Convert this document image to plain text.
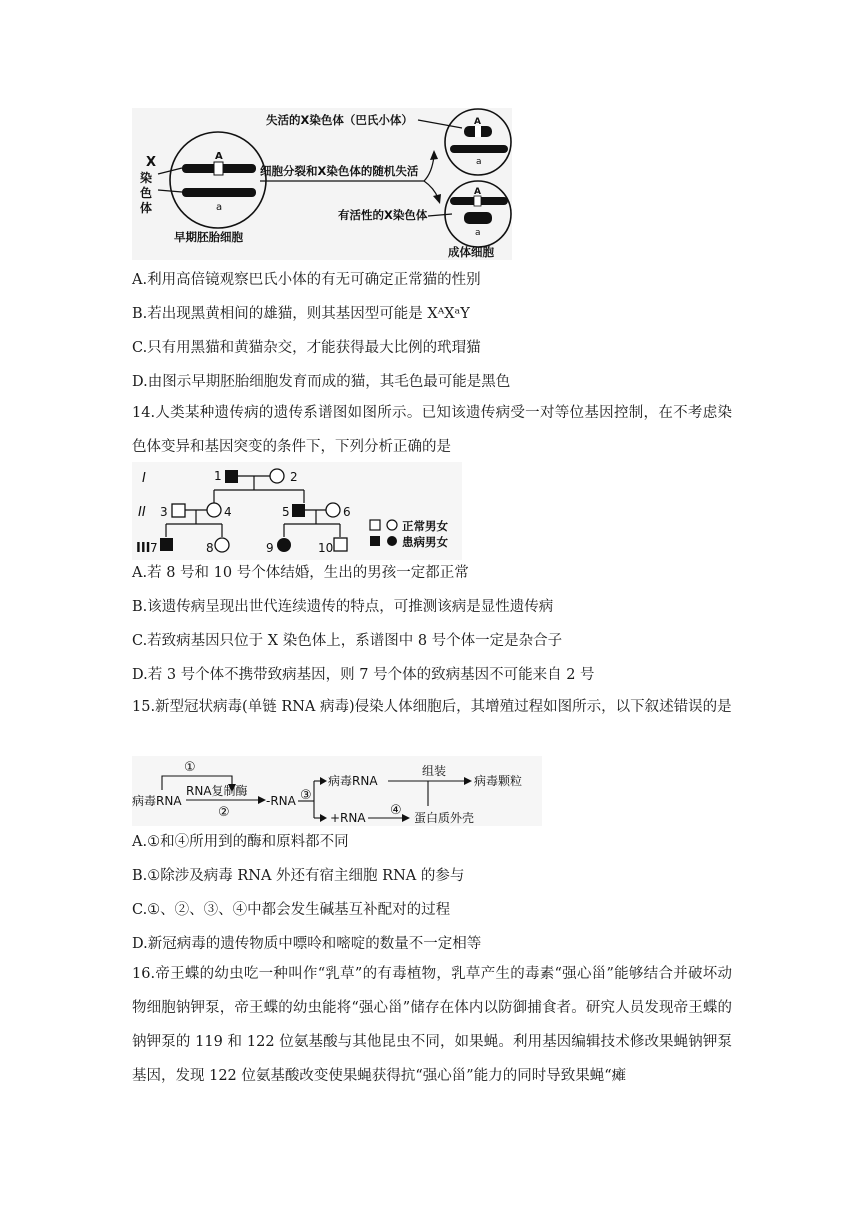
X
染
色
体
A
a
早期胚胎细胞
细胞分裂和X染色体的随机失活
失活的X染色体（巴氏小体）	A
a
有活性的X染色体
A
a
成体细胞
A.利用高倍镜观察巴氏小体的有无可确定正常猫的性别
B.若出现黑黄相间的雄猫，则其基因型可能是 XᴬXᵃY
C.只有用黑猫和黄猫杂交，才能获得最大比例的玳瑁猫
D.由图示早期胚胎细胞发育而成的猫，其毛色最可能是黑色
14.人类某种遗传病的遗传系谱图如图所示。已知该遗传病受一对等位基因控制，在不考虑染色体变异和基因突变的条件下，下列分析正确的是
I
II
III
1	2
3	4	5	6
7	8	9	10
正常男女
患病男女
A.若 8 号和 10 号个体结婚，生出的男孩一定都正常
B.该遗传病呈现出世代连续遗传的特点，可推测该病是显性遗传病
C.若致病基因只位于 X 染色体上，系谱图中 8 号个体一定是杂合子
D.若 3 号个体不携带致病基因，则 7 号个体的致病基因不可能来自 2 号
15.新型冠状病毒(单链 RNA 病毒)侵染人体细胞后，其增殖过程如图所示，以下叙述错误的是
①
病毒RNA
RNA复制酶
②
-RNA ③
病毒RNA
组装
病毒颗粒
+RNA ④ 蛋白质外壳
A.①和④所用到的酶和原料都不同
B.①除涉及病毒 RNA 外还有宿主细胞 RNA 的参与
C.①、②、③、④中都会发生碱基互补配对的过程
D.新冠病毒的遗传物质中嘌呤和嘧啶的数量不一定相等
16.帝王蝶的幼虫吃一种叫作“乳草”的有毒植物，乳草产生的毒素“强心甾”能够结合并破坏动物细胞钠钾泵，帝王蝶的幼虫能将“强心甾”储存在体内以防御捕食者。研究人员发现帝王蝶的钠钾泵的 119 和 122 位氨基酸与其他昆虫不同，如果蝇。利用基因编辑技术修改果蝇钠钾泵基因，发现 122 位氨基酸改变使果蝇获得抗“强心甾”能力的同时导致果蝇“瘫
